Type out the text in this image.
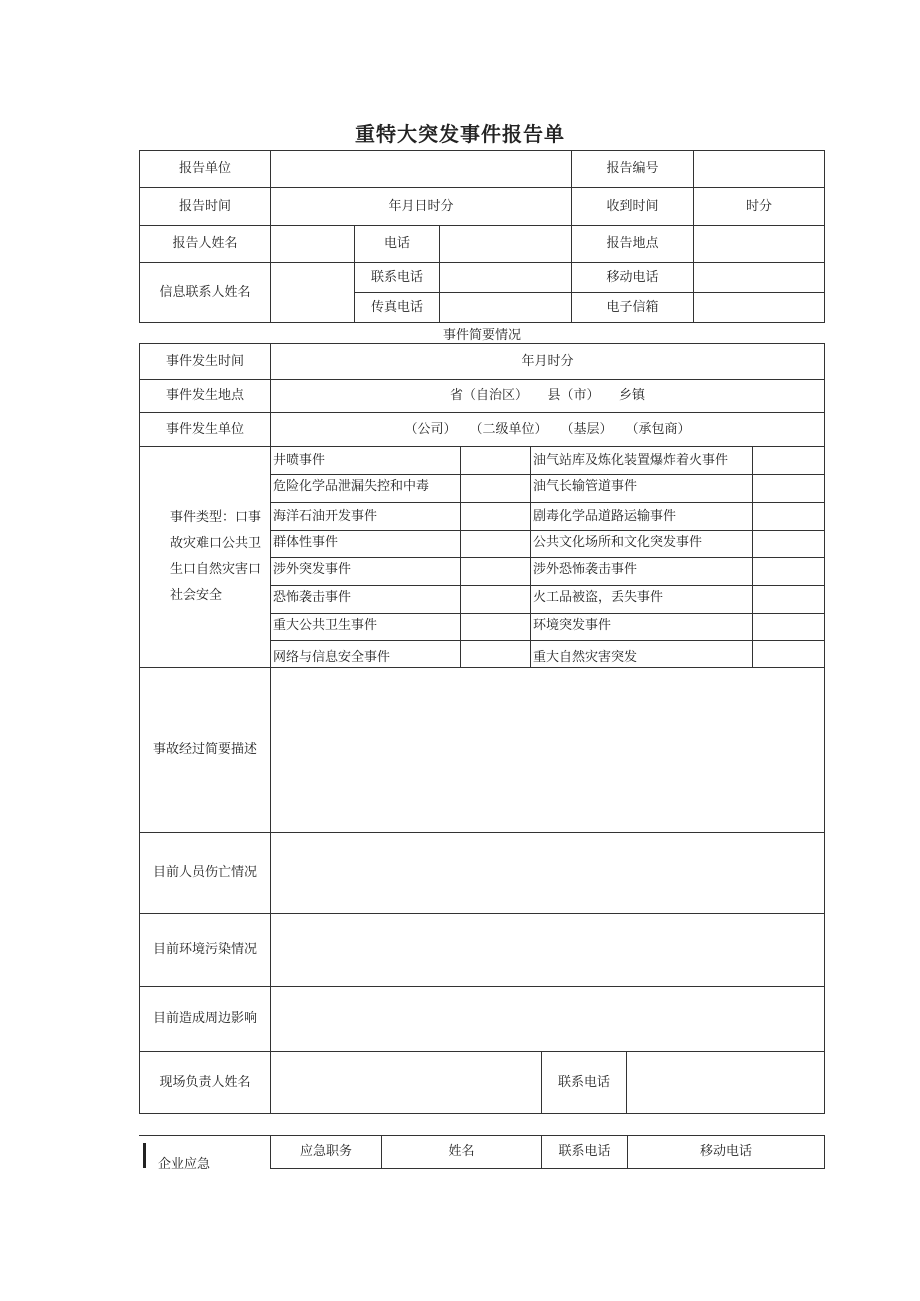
重特大突发事件报告单
报告单位	报告编号
报告时间	年月日时分	收到时间	时分
报告人姓名	电话	报告地点
信息联系人姓名
联系电话	移动电话
传真电话	电子信箱
事件简要情况
事件发生时间	年月时分
事件发生地点	省（自治区）　　县（市）　　乡镇
事件发生单位	（公司）　　（二级单位）　　（基层）　　（承包商）
事件类型：口事故灾难口公共卫生口自然灾害口社会安全
井喷事件	油气站库及炼化装置爆炸着火事件
危险化学品泄漏失控和中毒	油气长输管道事件
海洋石油开发事件	剧毒化学品道路运输事件
群体性事件	公共文化场所和文化突发事件
涉外突发事件	涉外恐怖袭击事件
恐怖袭击事件	火工品被盗，丢失事件
重大公共卫生事件	环境突发事件
网络与信息安全事件	重大自然灾害突发
事故经过简要描述
目前人员伤亡情况
目前环境污染情况
目前造成周边影响
现场负责人姓名	联系电话
企业应急
应急职务	姓名	联系电话	移动电话
